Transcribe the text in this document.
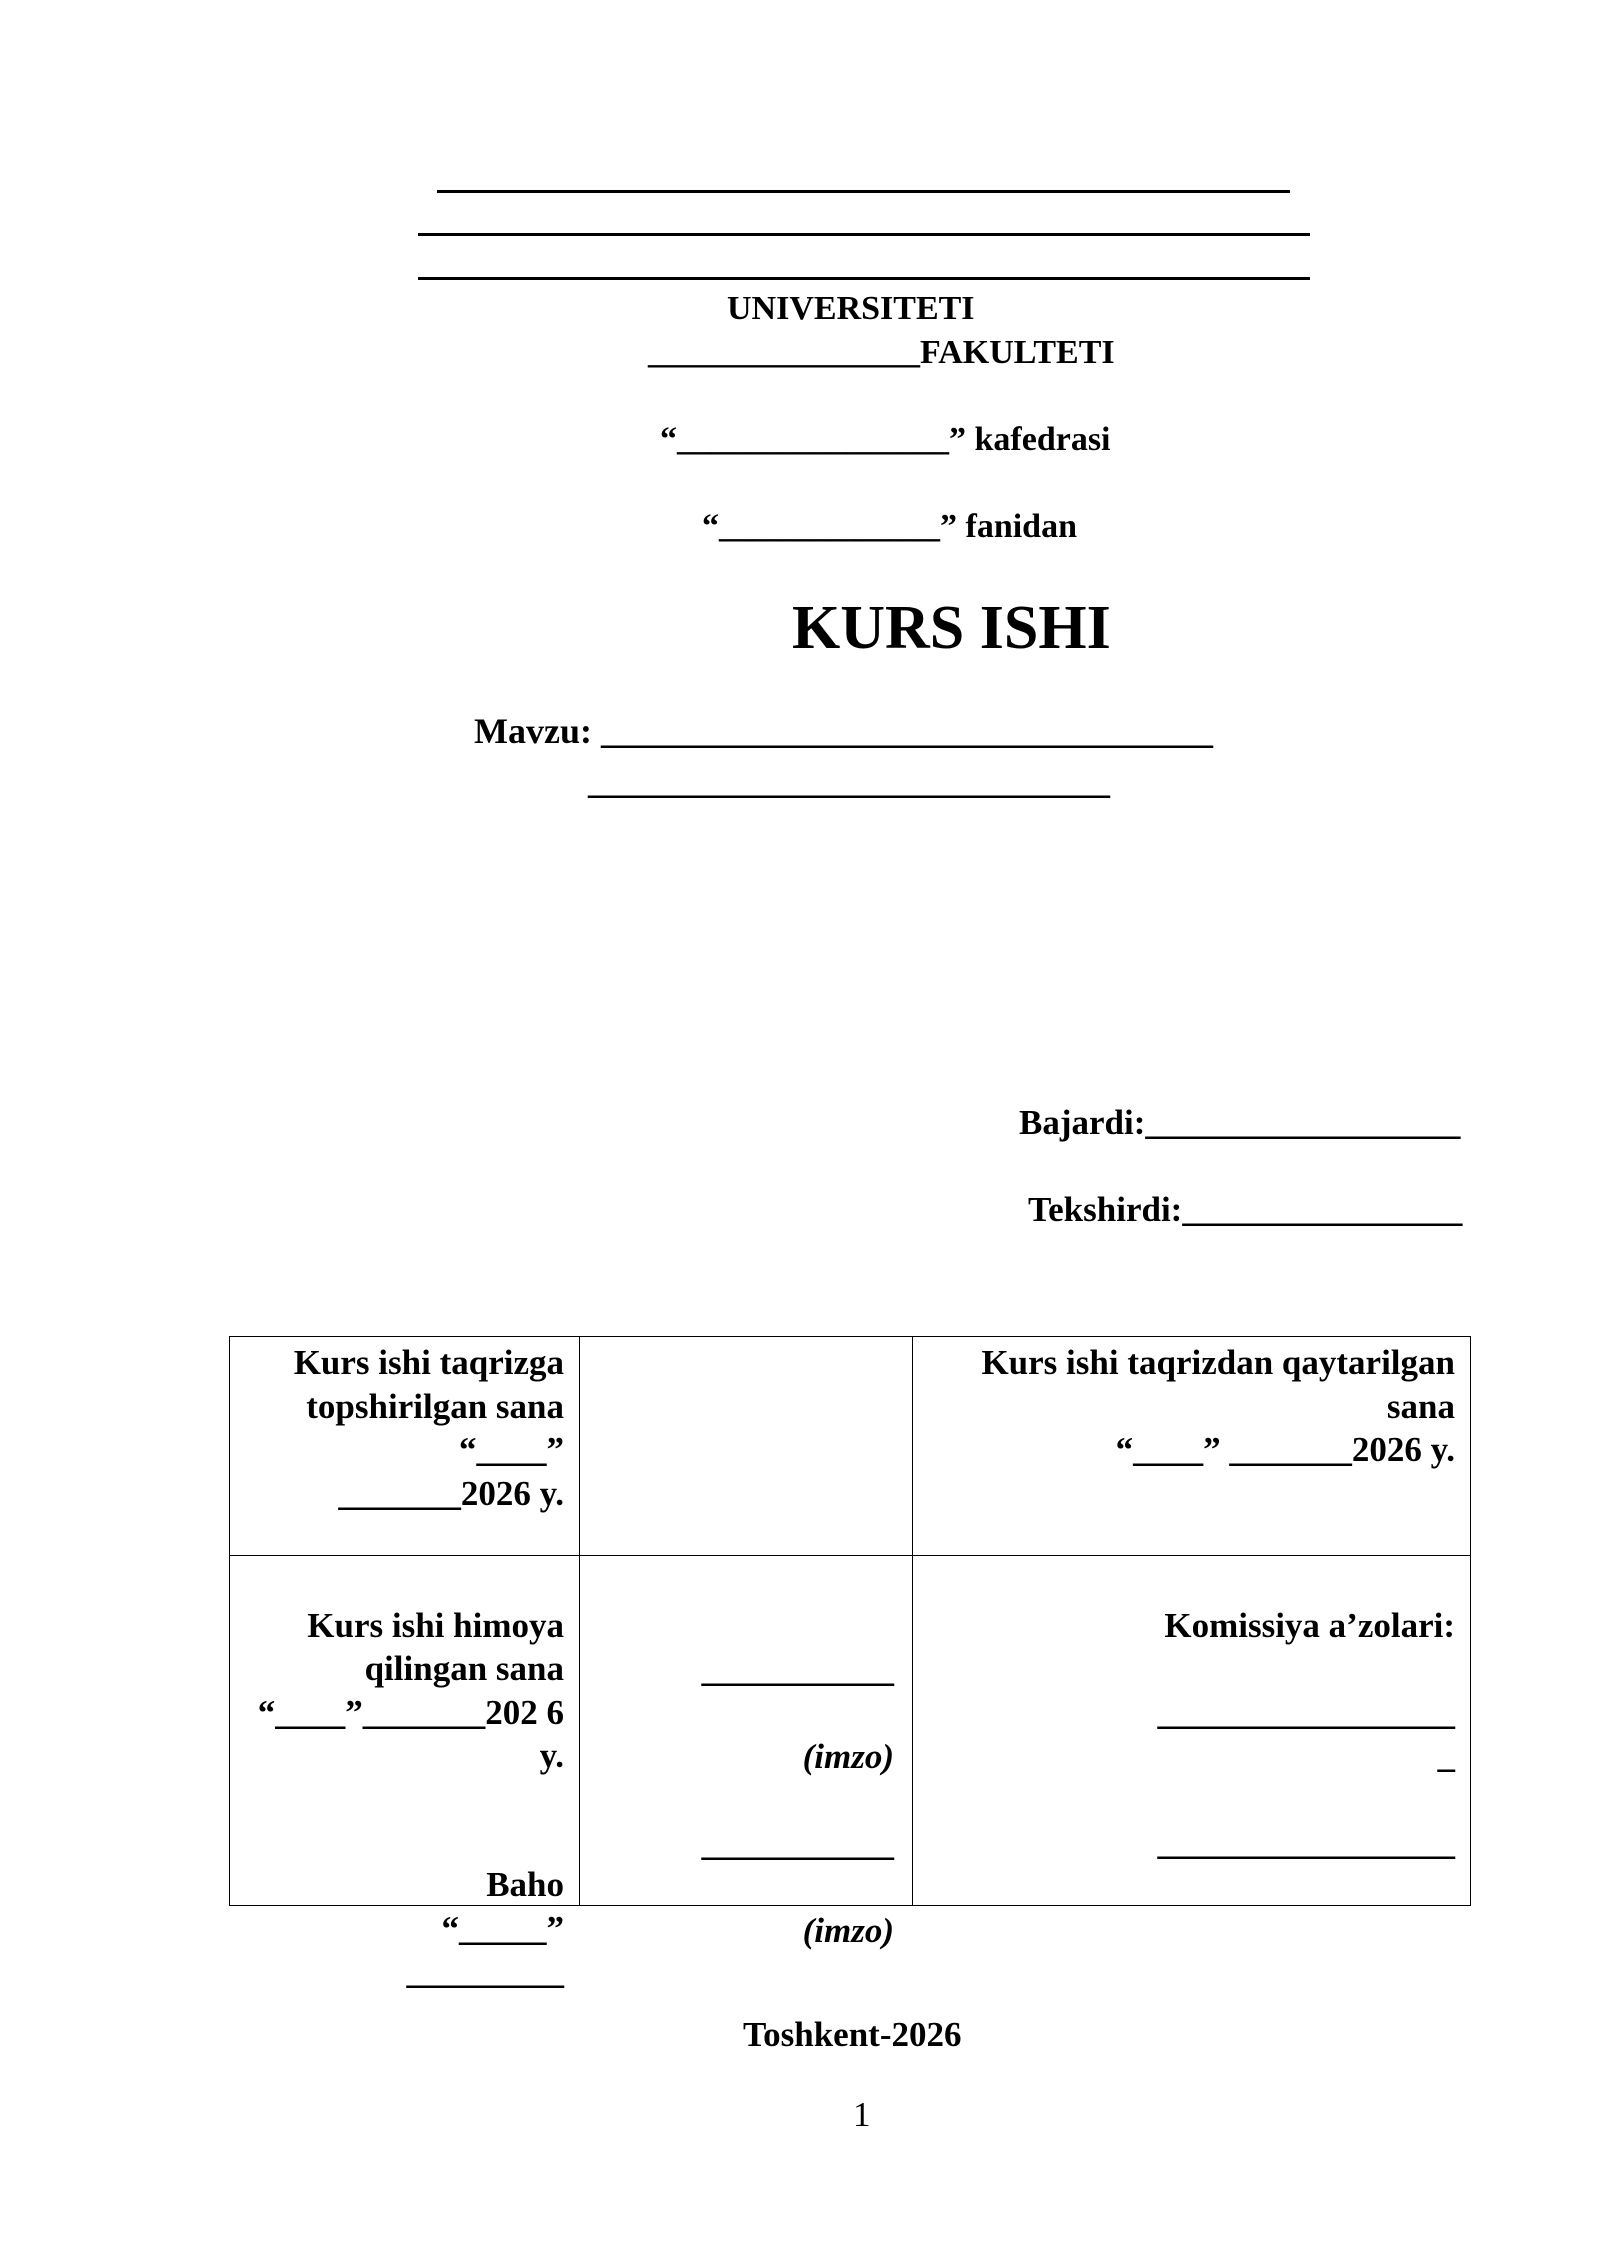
UNIVERSITETI
________________FAKULTETI
“________________” kafedrasi
“_____________” fanidan
KURS ISHI
Mavzu: __________________________________
_____________________________
Bajardi:__________________
Tekshirdi:________________
Kurs ishi taqrizga topshirilgan sana
“____”
_______2026 y.
Kurs ishi taqrizdan qaytarilgan sana
“____” _______2026 y.

Kurs ishi himoya qilingan sana
“____”_______202 6 y.

Baho
“_____”
_________

___________

(imzo)

___________

(imzo)

Komissiya a’zolari:

_________________
_

_________________

Toshkent-2026
1
